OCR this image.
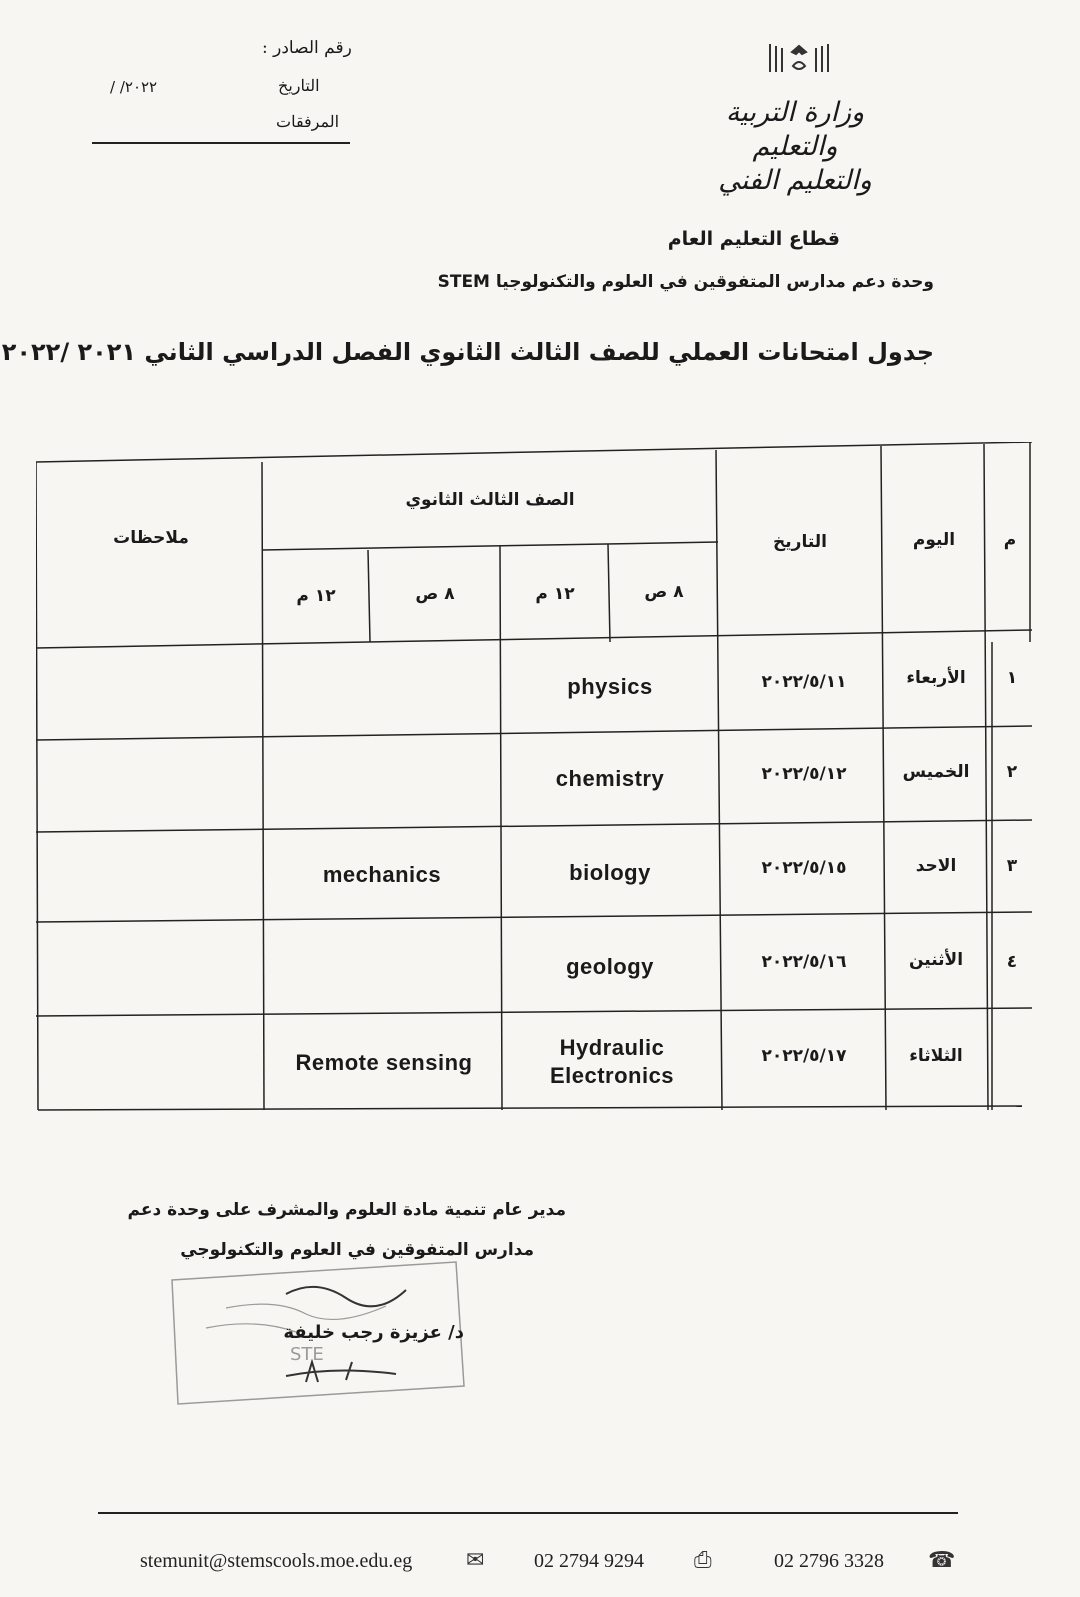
رقم الصادر :
التاريخ
/ /٢٠٢٢
المرفقات	وزارة التربية والتعليم
والتعليم الفني
قطاع التعليم العام
وحدة دعم مدارس المتفوقين في العلوم والتكنولوجيا STEM
جدول امتحانات العملي للصف الثالث الثانوي الفصل الدراسي الثاني ٢٠٢١ /٢٠٢٢
م
اليوم
التاريخ
الصف الثالث الثانوي
ملاحظات
٨ ص
١٢ م
٨ ص
١٢ م
١
الأربعاء
٢٠٢٢/٥/١١
physics
٢
الخميس
٢٠٢٢/٥/١٢
chemistry
٣
الاحد
٢٠٢٢/٥/١٥
biology
mechanics
٤
الأثنين
٢٠٢٢/٥/١٦
geology
الثلاثاء
٢٠٢٢/٥/١٧
Hydraulic
Electronics
Remote sensing
مدير عام تنمية مادة العلوم والمشرف على وحدة دعم
مدارس المتفوقين في العلوم والتكنولوجي
STE
د/ عزيزة رجب خليفة
stemunit@stemscools.moe.edu.eg ✉ 02 2794 9294 ⎙	02 2796 3328 ☎
